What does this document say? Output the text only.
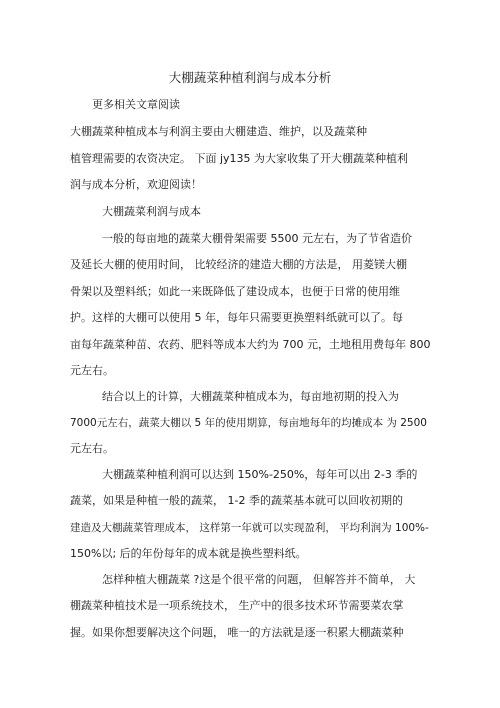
大棚蔬菜种植利润与成本分析
更多相关文章阅读
大棚蔬菜种植成本与利润主要由大棚建造、维护，以及蔬菜种
植管理需要的农资决定。 下面 jy135 为大家收集了开大棚蔬菜种植利
润与成本分析，欢迎阅读！
大棚蔬菜利润与成本
一般的每亩地的蔬菜大棚骨架需要 5500 元左右，为了节省造价
及延长大棚的使用时间， 比较经济的建造大棚的方法是， 用菱镁大棚
骨架以及塑料纸；如此一来既降低了建设成本，也便于日常的使用维
护。这样的大棚可以使用 5 年，每年只需要更换塑料纸就可以了。每
亩每年蔬菜种苗、农药、肥料等成本大约为 700 元，土地租用费每年 800
元左右。
结合以上的计算，大棚蔬菜种植成本为，每亩地初期的投入为
7000元左右，蔬菜大棚以 5 年的使用期算，每亩地每年的均摊成本 为 2500
元左右。
大棚蔬菜种植利润可以达到 150%-250%，每年可以出 2-3 季的
蔬菜，如果是种植一般的蔬菜， 1-2 季的蔬菜基本就可以回收初期的
建造及大棚蔬菜管理成本， 这样第一年就可以实现盈利， 平均利润为 100%-
150%以; 后的年份每年的成本就是换些塑料纸。
怎样种植大棚蔬菜 ?这是个很平常的问题， 但解答并不简单， 大
棚蔬菜种植技术是一项系统技术， 生产中的很多技术环节需要菜农掌
握。如果你想要解决这个问题， 唯一的方法就是逐一积累大棚蔬菜种
